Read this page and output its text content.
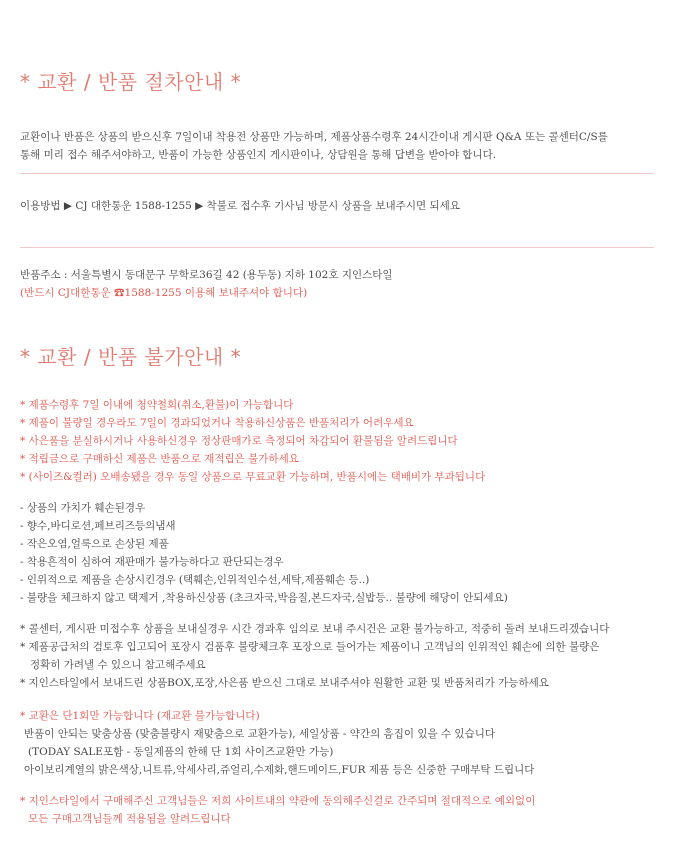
* 교환 / 반품 절차안내 *
교환이나 반품은 상품의 받으신후 7일이내 착용전 상품만 가능하며, 제품상품수령후 24시간이내 게시판 Q&A 또는 콜센터C/S를
통해 미리 접수 해주셔야하고, 반품이 가능한 상품인지 게시판이나, 상담원을 통해 답변을 받아야 합니다.
이용방법 ▶ CJ 대한통운 1588-1255 ▶ 착불로 접수후 기사님 방문시 상품을 보내주시면 되세요
반품주소 : 서울특별시 동대문구 무학로36길 42 (용두동) 지하 102호 지인스타일
(반드시 CJ대한통운 ☎1588-1255 이용해 보내주셔야 합니다)
* 교환 / 반품 불가안내 *
* 제품수령후 7일 이내에 청약철회(취소,환불)이 가능합니다
* 제품이 불량일 경우라도 7일이 경과되었거나 착용하신상품은 반품처리가 어려우세요
* 사은품을 분실하시거나 사용하신경우 정상판매가로 측정되어 차감되어 환불됨을 알려드립니다
* 적립금으로 구매하신 제품은 반품으로 재적립은 불가하세요
* (사이즈&컬러) 오배송됐을 경우 동일 상품으로 무료교환 가능하며, 반품시에는 택배비가 부과됩니다
- 상품의 가치가 훼손된경우
- 향수,바디로션,페브리즈등의냄새
- 작은오염,얼룩으로 손상된 제품
- 착용흔적이 심하여 재판매가 불가능하다고 판단되는경우
- 인위적으로 제품을 손상시킨경우 (택훼손,인위적인수선,세탁,제품훼손 등..)
- 불량을 체크하지 않고 택제거 ,착용하신상품 (초크자국,박음질,본드자국,실밥등.. 불량에 해당이 안되세요)
* 콜센터, 게시판 미접수후 상품을 보내실경우 시간 경과후 임의로 보내 주시건은 교환 불가능하고, 적중히 돌려 보내드리겠습니다
* 제품공급처의 검토후 입고되어 포장시 검품후 불량체크후 포장으로 들어가는 제품이니 고객님의 인위적인 훼손에 의한 불량은
정확히 가려낼 수 있으니 참고해주세요
* 지인스타일에서 보내드린 상품BOX,포장,사은품 받으신 그대로 보내주셔야 원활한 교환 및 반품처리가 가능하세요
* 교환은 단1회만 가능합니다 (재교환 불가능합니다)
반품이 안되는 맞춤상품 (맞춤불량시 재맞춤으로 교환가능), 세일상품 - 약간의 흠집이 있을 수 있습니다
(TODAY SALE포함 - 동일제품의 한해 단 1회 사이즈교환만 가능)
아이보리계열의 밝은색상,니트류,악세사리,쥬얼리,수제화,핸드메이드,FUR 제품 등은 신중한 구매부탁 드립니다
* 지인스타일에서 구매해주신 고객님들은 저희 사이트내의 약관에 동의해주신걸로 간주되며 절대적으로 예외없이
모든 구매고객님들께 적용됨을 알려드립니다
